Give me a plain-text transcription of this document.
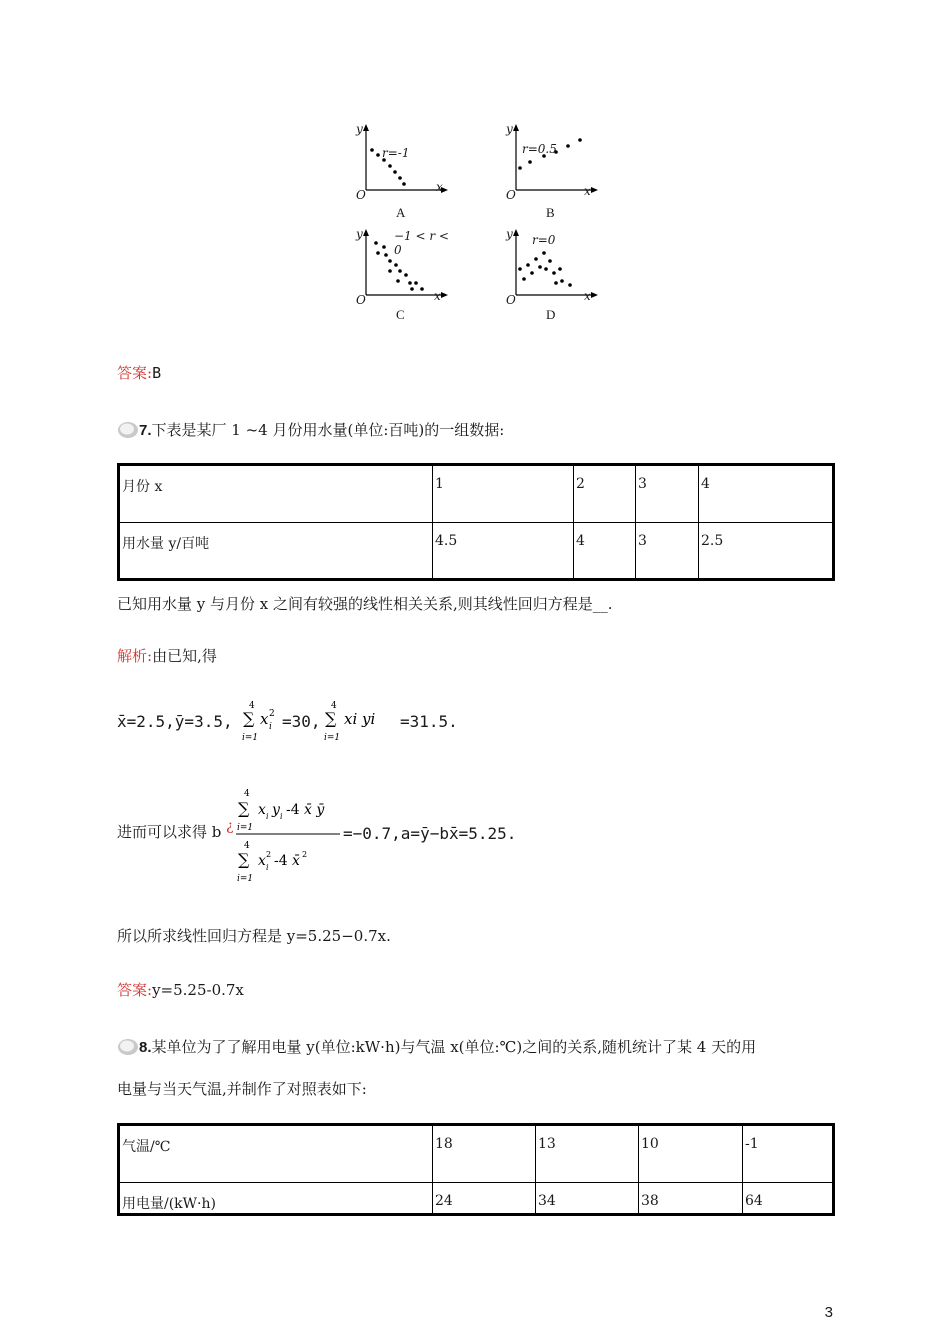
y
x
O
r=-1
A
y
x
O
r=0.5
B
y
x
O
−1 < r < 0
C
y
x
O
r=0
D
答案:B
7.下表是某厂 1 ~4 月份用水量(单位:百吨)的一组数据:
月份 x	1	2	3	4
用水量 y/百吨	4.5	4	3	2.5
已知用水量 y 与月份 x 之间有较强的线性相关关系,则其线性回归方程是__.
解析:由已知,得
x̄=2.5,ȳ=3.5,
4
∑
i=1
x 2
i =30,
4
∑
i=1
xi yi =31.5.
进而可以求得 b ¿
4
∑
i=1
x i y i -4 x̄ ȳ
4
∑
i=1
x 2
i -4 x̄ 2
=−0.7,a=ȳ−bx̄=5.25.
所以所求线性回归方程是 y=5.25−0.7x.
答案:y=5.25-0.7x
8.某单位为了了解用电量 y(单位:kW·h)与气温 x(单位:℃)之间的关系,随机统计了某 4 天的用
电量与当天气温,并制作了对照表如下:
气温/℃	18	13	10	-1
用电量/(kW·h)	24	34	38	64
3
